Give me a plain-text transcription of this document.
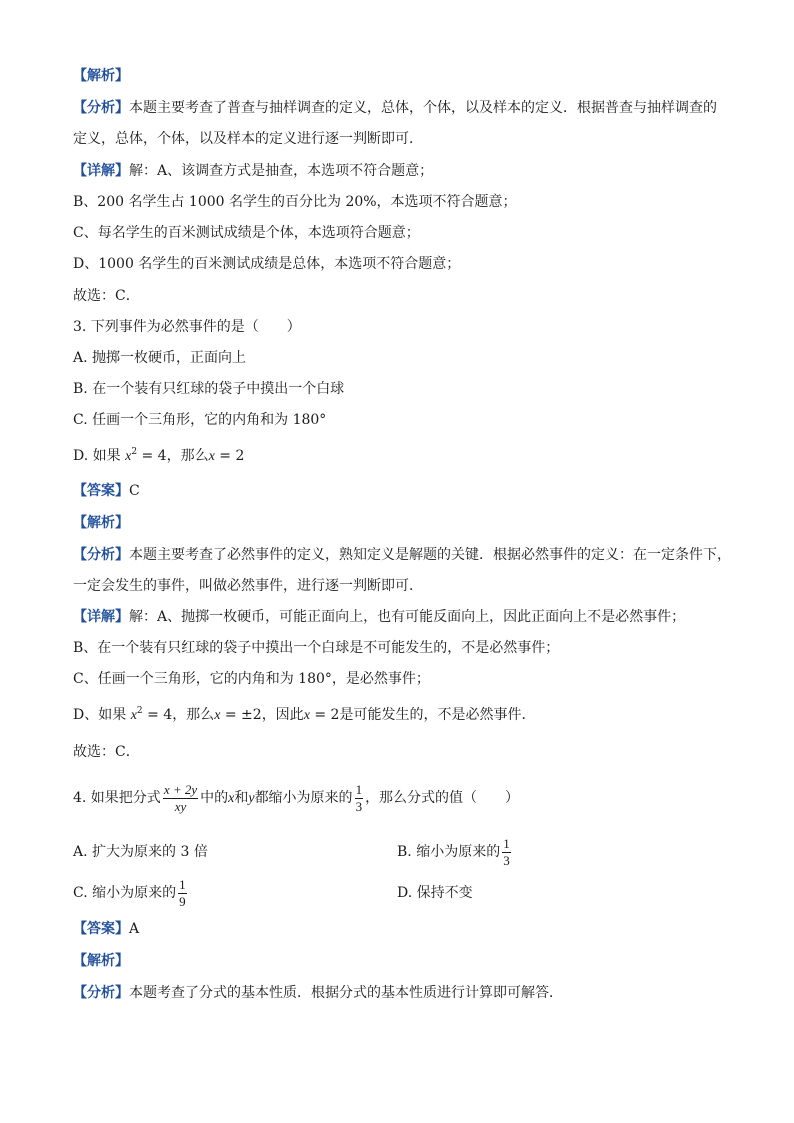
【解析】
【分析】本题主要考查了普查与抽样调查的定义，总体，个体，以及样本的定义．根据普查与抽样调查的
定义，总体，个体，以及样本的定义进行逐一判断即可．
【详解】解：A、该调查方式是抽查，本选项不符合题意；
B、200 名学生占 1000 名学生的百分比为 20%，本选项不符合题意；
C、每名学生的百米测试成绩是个体，本选项符合题意；
D、1000 名学生的百米测试成绩是总体，本选项不符合题意；
故选：C．
3. 下列事件为必然事件的是（　　）
A. 抛掷一枚硬币，正面向上
B. 在一个装有只红球的袋子中摸出一个白球
C. 任画一个三角形，它的内角和为 180°
D. 如果 $x^2 = 4$，那么x = 2
【答案】C
【解析】
【分析】本题主要考查了必然事件的定义，熟知定义是解题的关键．根据必然事件的定义：在一定条件下，
一定会发生的事件，叫做必然事件，进行逐一判断即可．
【详解】解：A、抛掷一枚硬币，可能正面向上，也有可能反面向上，因此正面向上不是必然事件；
B、在一个装有只红球的袋子中摸出一个白球是不可能发生的，不是必然事件；
C、任画一个三角形，它的内角和为 180°，是必然事件；
D、如果 $x^2 = 4$，那么x = ±2，因此x = 2是可能发生的，不是必然事件．
故选：C．
4. 如果把分式 $\frac{x + 2y}{xy}$ 中的x和y都缩小为原来的 $\frac{1}{3}$ ，那么分式的值（　　）
A. 扩大为原来的 3 倍	B. 缩小为原来的 $\frac{1}{3}$
C. 缩小为原来的 $\frac{1}{9}$	D. 保持不变
【答案】A
【解析】
【分析】本题考查了分式的基本性质．根据分式的基本性质进行计算即可解答．
